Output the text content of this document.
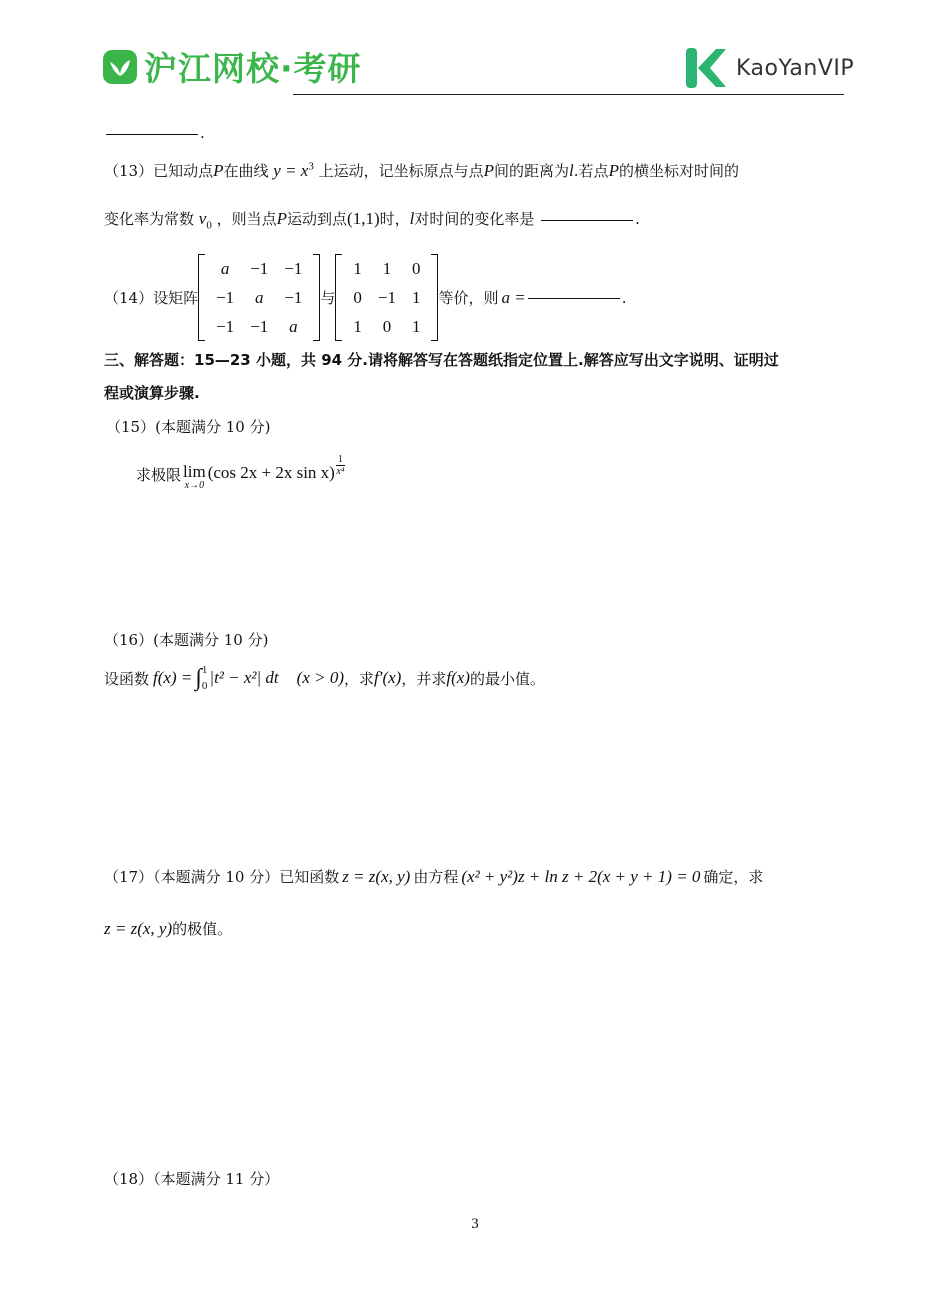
沪江网校·考研	KaoYanVIP
.
（13）已知动点P在曲线 $y = x^3$ 上运动，记坐标原点与点P间的距离为l.若点P的横坐标对时间的
变化率为常数 $v_0$ ，则当点P运动到点(1,1)时，l对时间的变化率是	.
（14）设矩阵
a	−1	−1
−1	a	−1
−1	−1	a
与
1	1	0
0	−1	1
1	0	1
等价，则 a =	.
三、解答题：15—23 小题，共 94 分.请将解答写在答题纸指定位置上.解答应写出文字说明、证明过
程或演算步骤.
（15）(本题满分 10 分)
求极限 lim
x→0
(cos 2x + 2x sin x)
1
x⁴
（16）(本题满分 10 分)
设函数 f(x) = ∫ 1
0 |t² − x²| dt (x > 0) ，求 f′(x) ，并求 f(x) 的最小值。
（17）（本题满分 10 分）已知函数 z = z(x, y) 由方程 (x² + y²)z + ln z + 2(x + y + 1) = 0 确定，求
z = z(x, y) 的极值。
（18）（本题满分 11 分）
3
